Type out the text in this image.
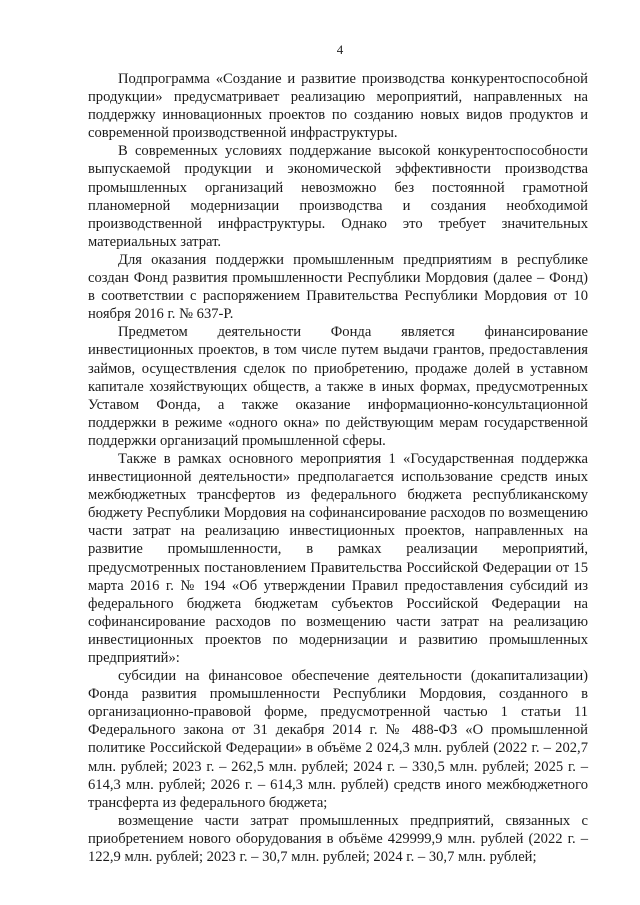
4

Подпрограмма «Создание и развитие производства конкурентоспособной продукции» предусматривает реализацию мероприятий, направленных на поддержку инновационных проектов по созданию новых видов продуктов и современной производственной инфраструктуры.

В современных условиях поддержание высокой конкурентоспособности выпускаемой продукции и экономической эффективности производства промышленных организаций невозможно без постоянной грамотной планомерной модернизации производства и создания необходимой производственной инфраструктуры. Однако это требует значительных материальных затрат.

Для оказания поддержки промышленным предприятиям в республике создан Фонд развития промышленности Республики Мордовия (далее – Фонд) в соответствии с распоряжением Правительства Республики Мордовия от 10 ноября 2016 г. № 637-Р.

Предметом деятельности Фонда является финансирование инвестиционных проектов, в том числе путем выдачи грантов, предоставления займов, осуществления сделок по приобретению, продаже долей в уставном капитале хозяйствующих обществ, а также в иных формах, предусмотренных Уставом Фонда, а также оказание информационно-консультационной поддержки в режиме «одного окна» по действующим мерам государственной поддержки организаций промышленной сферы.

Также в рамках основного мероприятия 1 «Государственная поддержка инвестиционной деятельности» предполагается использование средств иных межбюджетных трансфертов из федерального бюджета республиканскому бюджету Республики Мордовия на софинансирование расходов по возмещению части затрат на реализацию инвестиционных проектов, направленных на развитие промышленности, в рамках реализации мероприятий, предусмотренных постановлением Правительства Российской Федерации от 15 марта 2016 г. № 194 «Об утверждении Правил предоставления субсидий из федерального бюджета бюджетам субъектов Российской Федерации на софинансирование расходов по возмещению части затрат на реализацию инвестиционных проектов по модернизации и развитию промышленных предприятий»:

субсидии на финансовое обеспечение деятельности (докапитализации) Фонда развития промышленности Республики Мордовия, созданного в организационно-правовой форме, предусмотренной частью 1 статьи 11 Федерального закона от 31 декабря 2014 г. № 488-ФЗ «О промышленной политике Российской Федерации» в объёме 2 024,3 млн. рублей (2022 г. – 202,7 млн. рублей; 2023 г. – 262,5 млн. рублей; 2024 г. – 330,5 млн. рублей; 2025 г. – 614,3 млн. рублей; 2026 г. – 614,3 млн. рублей) средств иного межбюджетного трансферта из федерального бюджета;

возмещение части затрат промышленных предприятий, связанных с приобретением нового оборудования в объёме 429999,9 млн. рублей (2022 г. – 122,9 млн. рублей; 2023 г. – 30,7 млн. рублей; 2024 г. – 30,7 млн. рублей;
